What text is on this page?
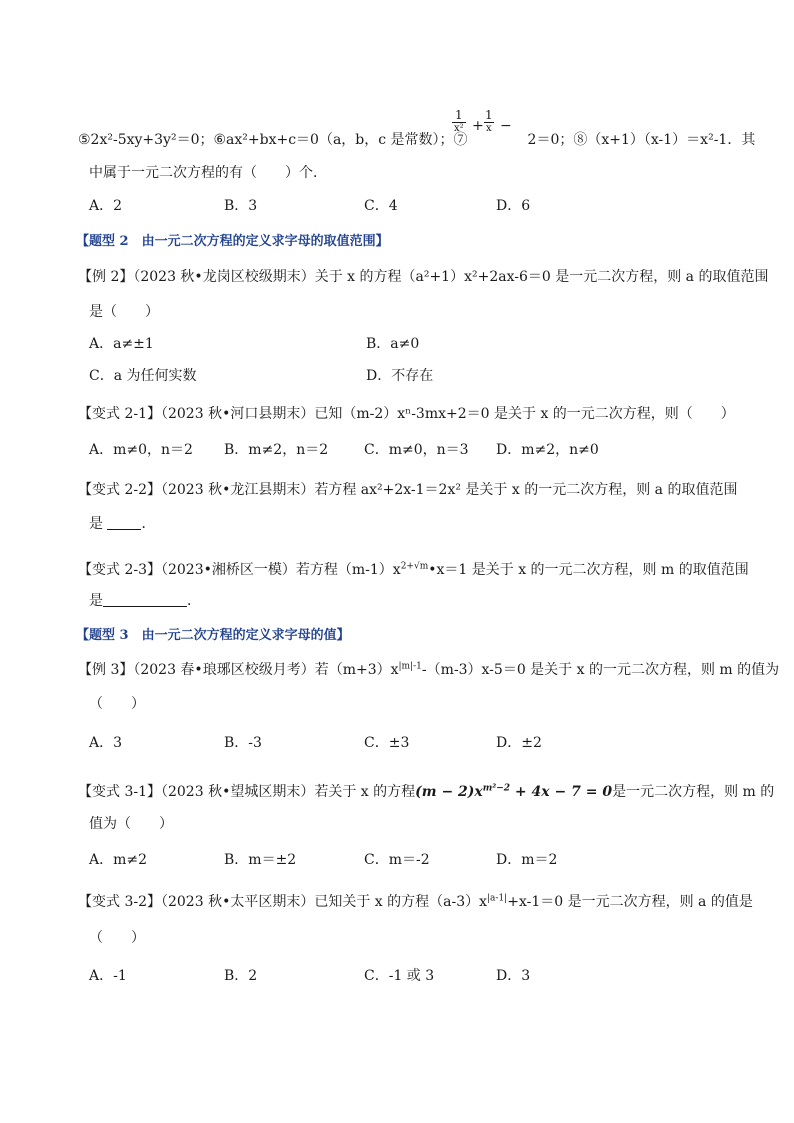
1
x² +
1
x −
⑤2x²-5xy+3y²＝0；⑥ax²+bx+c＝0（a，b，c 是常数）；⑦	2＝0；⑧（x+1）（x-1）＝x²-1．其
中属于一元二次方程的有（　　）个．
A．2	B．3	C．4	D．6
【题型 2　由一元二次方程的定义求字母的取值范围】
【例 2】（2023 秋•龙岗区校级期末）关于 x 的方程（a²+1）x²+2ax-6＝0 是一元二次方程，则 a 的取值范围
是（　　）
A．a≠±1	B．a≠0
C．a 为任何实数	D．不存在
【变式 2-1】（2023 秋•河口县期末）已知（m-2）xⁿ-3mx+2＝0 是关于 x 的一元二次方程，则（　　）
A．m≠0，n＝2 B．m≠2，n＝2	C．m≠0，n＝3 D．m≠2，n≠0
【变式 2-2】（2023 秋•龙江县期末）若方程 ax²+2x-1＝2x² 是关于 x 的一元二次方程，则 a 的取值范围
是	．
【变式 2-3】（2023•湘桥区一模）若方程$(m-1)x^{2+√m}•x=1$ 是关于 x 的一元二次方程，则 m 的取值范围
是	．
【题型 3　由一元二次方程的定义求字母的值】
【例 3】（2023 春•琅琊区校级月考）若$(m+3)x^{|m|-1}-(m-3)x-5=0$ 是关于 x 的一元二次方程，则 m 的值为
（　　）
A．3	B．-3	C．±3	D．±2
【变式 3-1】（2023 秋•望城区期末）若关于 x 的方程$(m - 2)x^{m^2-2} + 4x - 7 = 0$是一元二次方程，则 m 的
值为（　　）
A．m≠2	B．m＝±2	C．m＝-2	D．m＝2
【变式 3-2】（2023 秋•太平区期末）已知关于 x 的方程$(a-3)x^{|a-1|}+x-1=0$ 是一元二次方程，则 a 的值是
（　　）
A．-1	B．2	C．-1 或 3	D．3
